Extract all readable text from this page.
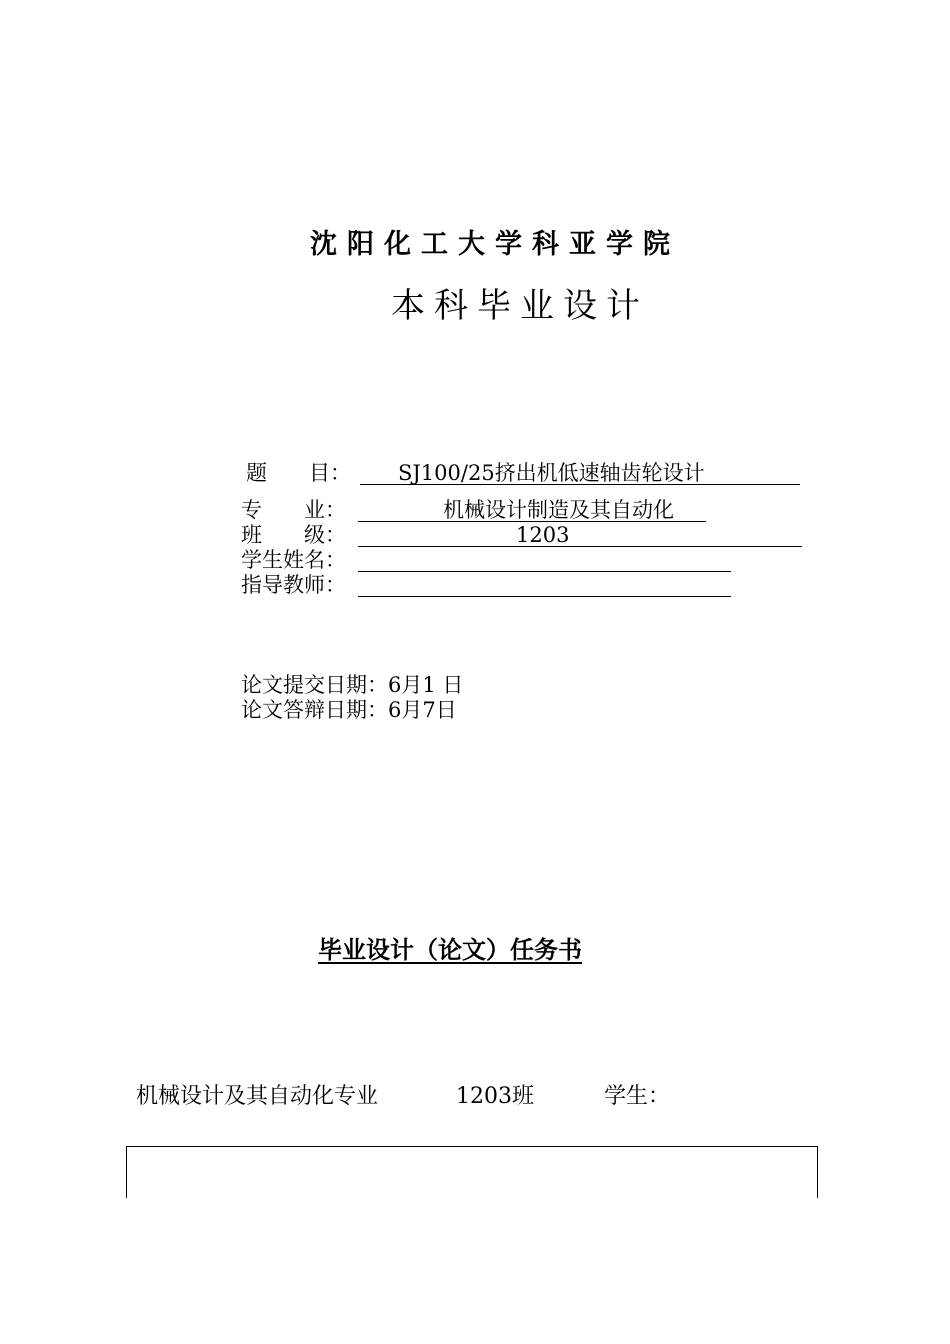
沈阳化工大学科亚学院
本科毕业设计
题　　目： SJ100/25挤出机低速轴齿轮设计
专　　业：	机械设计制造及其自动化
班　　级：	1203
学生姓名：
指导教师：
论文提交日期：6月1 日
论文答辩日期：6月7日
毕业设计（论文）任务书
机械设计及其自动化专业	1203班	学生：
